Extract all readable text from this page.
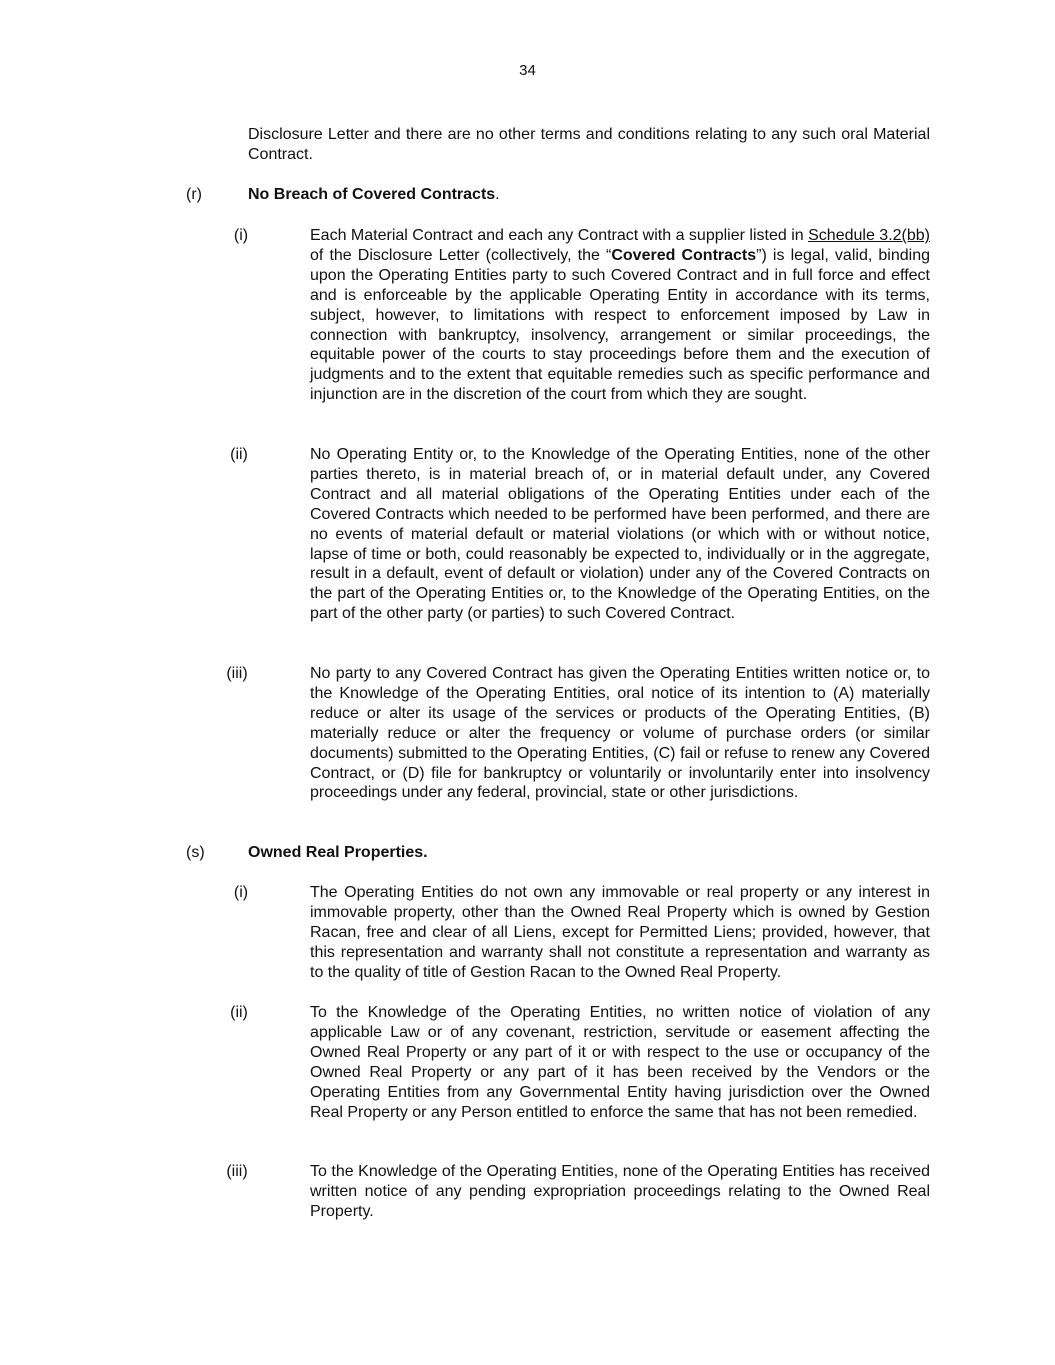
34

Disclosure Letter and there are no other terms and conditions relating to any such oral Material Contract.

(r)	No Breach of Covered Contracts.
(i)	Each Material Contract and each any Contract with a supplier listed in Schedule 3.2(bb) of the Disclosure Letter (collectively, the “Covered Contracts”) is legal, valid, binding upon the Operating Entities party to such Covered Contract and in full force and effect and is enforceable by the applicable Operating Entity in accordance with its terms, subject, however, to limitations with respect to enforcement imposed by Law in connection with bankruptcy, insolvency, arrangement or similar proceedings, the equitable power of the courts to stay proceedings before them and the execution of judgments and to the extent that equitable remedies such as specific performance and injunction are in the discretion of the court from which they are sought.

(ii)	No Operating Entity or, to the Knowledge of the Operating Entities, none of the other parties thereto, is in material breach of, or in material default under, any Covered Contract and all material obligations of the Operating Entities under each of the Covered Contracts which needed to be performed have been performed, and there are no events of material default or material violations (or which with or without notice, lapse of time or both, could reasonably be expected to, individually or in the aggregate, result in a default, event of default or violation) under any of the Covered Contracts on the part of the Operating Entities or, to the Knowledge of the Operating Entities, on the part of the other party (or parties) to such Covered Contract.

(iii)	No party to any Covered Contract has given the Operating Entities written notice or, to the Knowledge of the Operating Entities, oral notice of its intention to (A) materially reduce or alter its usage of the services or products of the Operating Entities, (B) materially reduce or alter the frequency or volume of purchase orders (or similar documents) submitted to the Operating Entities, (C) fail or refuse to renew any Covered Contract, or (D) file for bankruptcy or voluntarily or involuntarily enter into insolvency proceedings under any federal, provincial, state or other jurisdictions.

(s)	Owned Real Properties.
(i)	The Operating Entities do not own any immovable or real property or any interest in immovable property, other than the Owned Real Property which is owned by Gestion Racan, free and clear of all Liens, except for Permitted Liens; provided, however, that this representation and warranty shall not constitute a representation and warranty as to the quality of title of Gestion Racan to the Owned Real Property.

(ii)	To the Knowledge of the Operating Entities, no written notice of violation of any applicable Law or of any covenant, restriction, servitude or easement affecting the Owned Real Property or any part of it or with respect to the use or occupancy of the Owned Real Property or any part of it has been received by the Vendors or the Operating Entities from any Governmental Entity having jurisdiction over the Owned Real Property or any Person entitled to enforce the same that has not been remedied.

(iii)	To the Knowledge of the Operating Entities, none of the Operating Entities has received written notice of any pending expropriation proceedings relating to the Owned Real Property.
